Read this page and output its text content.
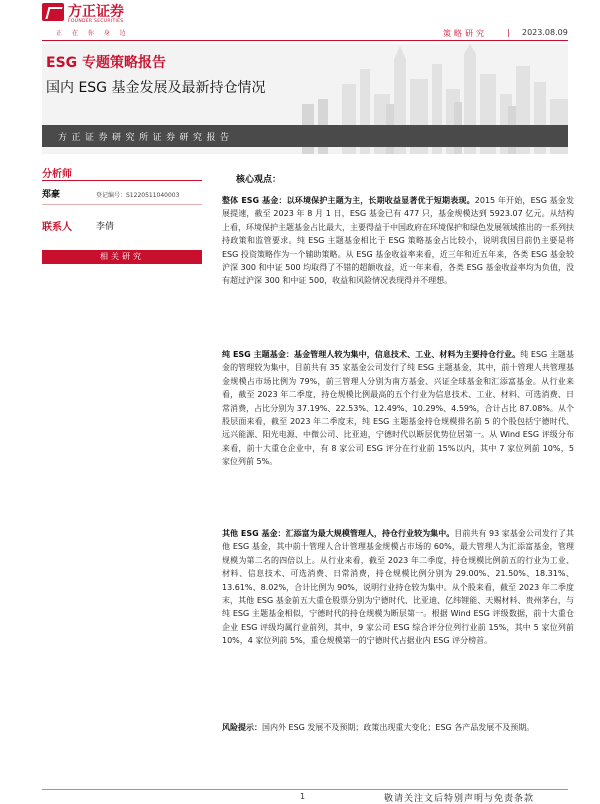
方正证券
FOUNDER SECURITIES
正 在 你 身 边	策略研究	| 2023.08.09
ESG 专题策略报告
国内 ESG 基金发展及最新持仓情况
方正证券研究所证券研究报告
分析师
郑豪	登记编号：S1220511040003
联系人	李倩
相关研究
核心观点：
整体 ESG 基金：以环境保护主题为主，长期收益显著优于短期表现。2015 年开始，ESG 基金发展提速，截至 2023 年 8 月 1 日，ESG 基金已有 477 只，基金规模达到 5923.07 亿元。从结构上看，环境保护主题基金占比最大，主要得益于中国政府在环境保护和绿色发展领域推出的一系列扶持政策和监管要求。纯 ESG 主题基金相比于 ESG 策略基金占比较小，说明我国目前仍主要是将 ESG 投资策略作为一个辅助策略。从 ESG 基金收益率来看，近三年和近五年来，各类 ESG 基金较沪深 300 和中证 500 均取得了不错的超额收益，近一年来看，各类 ESG 基金收益率均为负值，没有超过沪深 300 和中证 500，收益和风险情况表现得并不理想。
纯 ESG 主题基金：基金管理人较为集中，信息技术、工业、材料为主要持仓行业。纯 ESG 主题基金的管理较为集中，目前共有 35 家基金公司发行了纯 ESG 主题基金，其中，前十管理人共管理基金规模占市场比例为 79%，前三管理人分别为南方基金、兴证全球基金和汇添富基金。从行业来看，截至 2023 年二季度，持仓规模比例最高的五个行业为信息技术、工业、材料、可选消费、日常消费，占比分别为 37.19%、22.53%、12.49%、10.29%、4.59%，合计占比 87.08%。从个股层面来看，截至 2023 年二季度末，纯 ESG 主题基金持仓规模排名前 5 的个股包括宁德时代、远兴能源、阳光电源、中微公司、比亚迪，宁德时代以断层优势位居第一。从 Wind ESG 评级分布来看，前十大重仓企业中，有 8 家公司 ESG 评分在行业前 15%以内，其中 7 家位列前 10%，5 家位列前 5%。
其他 ESG 基金：汇添富为最大规模管理人，持仓行业较为集中。目前共有 93 家基金公司发行了其他 ESG 基金，其中前十管理人合计管理基金规模占市场的 60%，最大管理人为汇添富基金，管理规模为第二名的四倍以上。从行业来看，截至 2023 年二季度，持仓规模比例前五的行业为工业、材料、信息技术、可选消费、日常消费，持仓规模比例分别为 29.00%、21.50%、18.31%、13.61%、8.02%，合计比例为 90%，说明行业持仓较为集中。从个股来看，截至 2023 年二季度末，其他 ESG 基金前五大重仓股票分别为宁德时代、比亚迪、亿纬锂能、天赐材料、贵州茅台，与纯 ESG 主题基金相似，宁德时代的持仓规模为断层第一。根据 Wind ESG 评级数据，前十大重仓企业 ESG 评级均属行业前列，其中，9 家公司 ESG 综合评分位列行业前 15%，其中 5 家位列前 10%，4 家位列前 5%，重仓规模第一的宁德时代占据业内 ESG 评分榜首。
风险提示：国内外 ESG 发展不及预期；政策出现重大变化；ESG 各产品发展不及预期。
1	敬请关注文后特别声明与免责条款
